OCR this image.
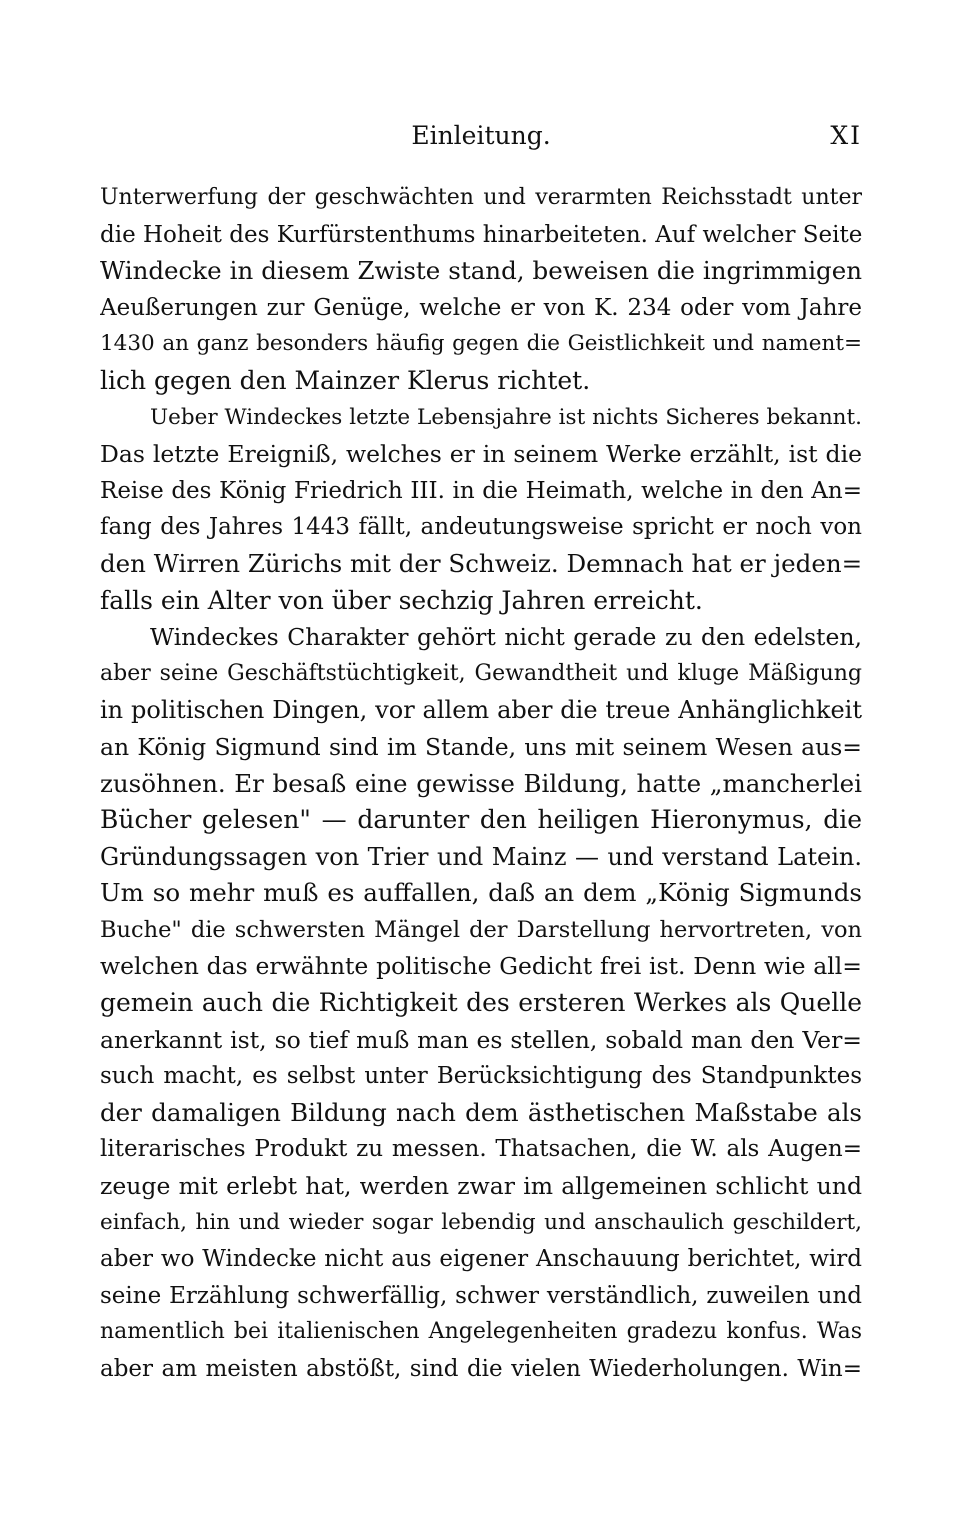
Einleitung.	XI
Unterwerfung der geschwächten und verarmten Reichsstadt unter
die Hoheit des Kurfürstenthums hinarbeiteten. Auf welcher Seite
Windecke in diesem Zwiste stand, beweisen die ingrimmigen
Aeußerungen zur Genüge, welche er von K. 234 oder vom Jahre
1430 an ganz besonders häufig gegen die Geistlichkeit und nament=
lich gegen den Mainzer Klerus richtet.
Ueber Windeckes letzte Lebensjahre ist nichts Sicheres bekannt.
Das letzte Ereigniß, welches er in seinem Werke erzählt, ist die
Reise des König Friedrich III. in die Heimath, welche in den An=
fang des Jahres 1443 fällt, andeutungsweise spricht er noch von
den Wirren Zürichs mit der Schweiz. Demnach hat er jeden=
falls ein Alter von über sechzig Jahren erreicht.
Windeckes Charakter gehört nicht gerade zu den edelsten,
aber seine Geschäftstüchtigkeit, Gewandtheit und kluge Mäßigung
in politischen Dingen, vor allem aber die treue Anhänglichkeit
an König Sigmund sind im Stande, uns mit seinem Wesen aus=
zusöhnen. Er besaß eine gewisse Bildung, hatte „mancherlei
Bücher gelesen" — darunter den heiligen Hieronymus, die
Gründungssagen von Trier und Mainz — und verstand Latein.
Um so mehr muß es auffallen, daß an dem „König Sigmunds
Buche" die schwersten Mängel der Darstellung hervortreten, von
welchen das erwähnte politische Gedicht frei ist. Denn wie all=
gemein auch die Richtigkeit des ersteren Werkes als Quelle
anerkannt ist, so tief muß man es stellen, sobald man den Ver=
such macht, es selbst unter Berücksichtigung des Standpunktes
der damaligen Bildung nach dem ästhetischen Maßstabe als
literarisches Produkt zu messen. Thatsachen, die W. als Augen=
zeuge mit erlebt hat, werden zwar im allgemeinen schlicht und
einfach, hin und wieder sogar lebendig und anschaulich geschildert,
aber wo Windecke nicht aus eigener Anschauung berichtet, wird
seine Erzählung schwerfällig, schwer verständlich, zuweilen und
namentlich bei italienischen Angelegenheiten gradezu konfus. Was
aber am meisten abstößt, sind die vielen Wiederholungen. Win=
